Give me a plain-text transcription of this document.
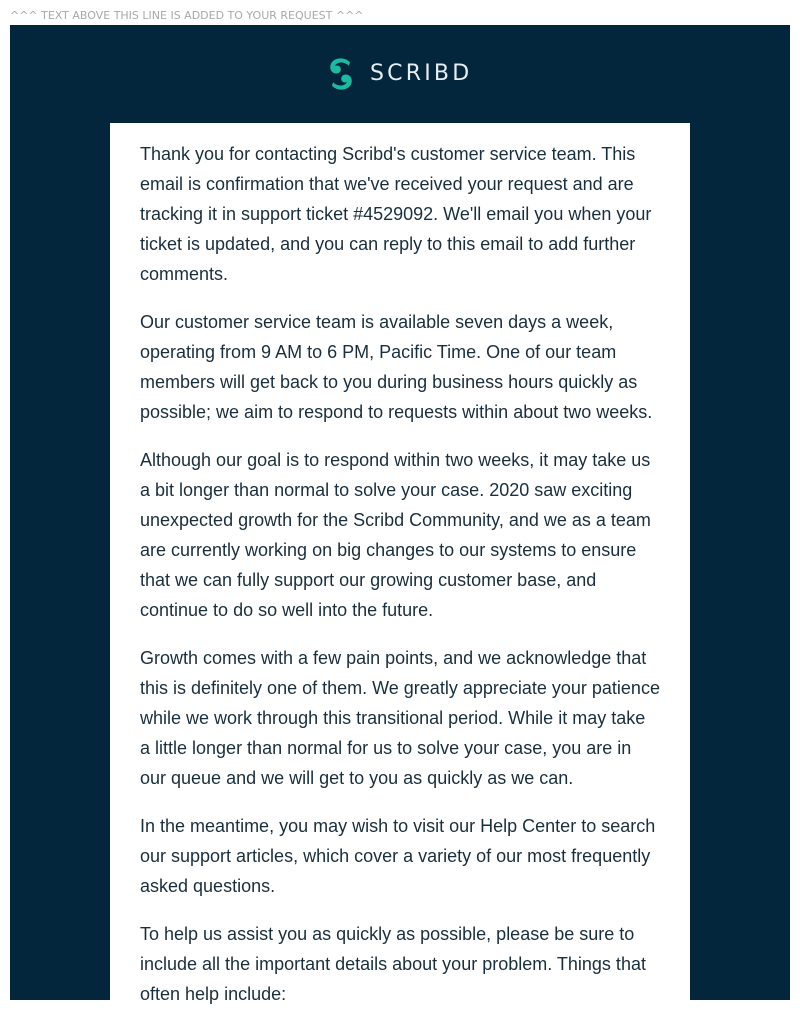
^^^ TEXT ABOVE THIS LINE IS ADDED TO YOUR REQUEST ^^^
SCRIBD

Thank you for contacting Scribd's customer service team. This email is confirmation that we've received your request and are tracking it in support ticket #4529092. We'll email you when your ticket is updated, and you can reply to this email to add further comments.

Our customer service team is available seven days a week, operating from 9 AM to 6 PM, Pacific Time. One of our team members will get back to you during business hours quickly as possible; we aim to respond to requests within about two weeks.

Although our goal is to respond within two weeks, it may take us a bit longer than normal to solve your case. 2020 saw exciting unexpected growth for the Scribd Community, and we as a team are currently working on big changes to our systems to ensure that we can fully support our growing customer base, and continue to do so well into the future.

Growth comes with a few pain points, and we acknowledge that this is definitely one of them. We greatly appreciate your patience while we work through this transitional period. While it may take a little longer than normal for us to solve your case, you are in our queue and we will get to you as quickly as we can.

In the meantime, you may wish to visit our Help Center to search our support articles, which cover a variety of our most frequently asked questions.

To help us assist you as quickly as possible, please be sure to include all the important details about your problem. Things that often help include:
